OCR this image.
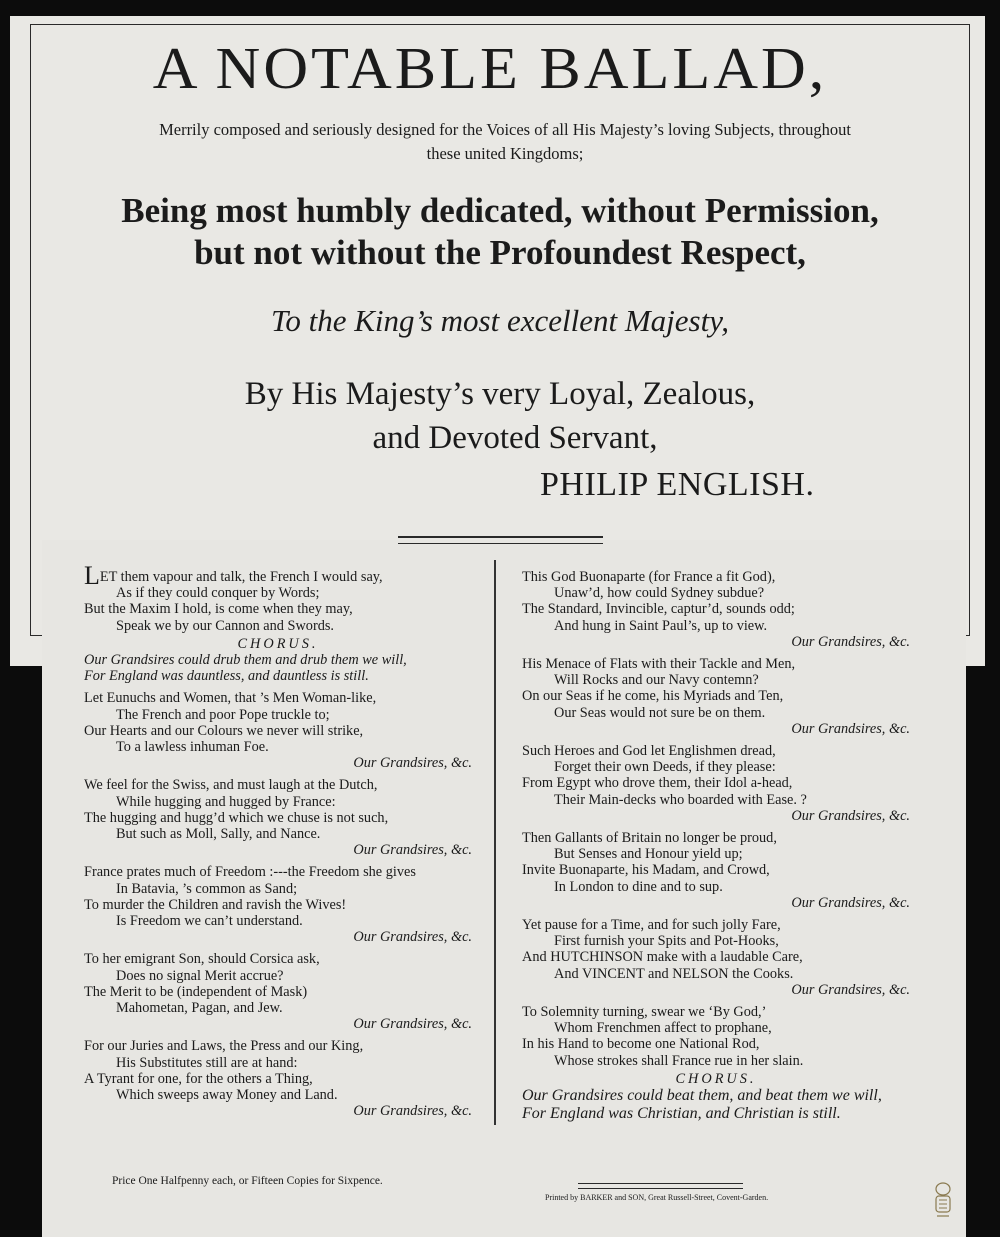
A NOTABLE BALLAD,
Merrily composed and seriously designed for the Voices of all His Majesty’s loving Subjects, throughout
these united Kingdoms;
Being most humbly dedicated, without Permission,
but not without the Profoundest Respect,
To the King’s most excellent Majesty,
By His Majesty’s very Loyal, Zealous,
and Devoted Servant,
PHILIP ENGLISH.
LET them vapour and talk, the French I would say,
As if they could conquer by Words;
But the Maxim I hold, is come when they may,
Speak we by our Cannon and Swords.
CHORUS.
Our Grandsires could drub them and drub them we will,
For England was dauntless, and dauntless is still.
Let Eunuchs and Women, that ’s Men Woman-like,
The French and poor Pope truckle to;
Our Hearts and our Colours we never will strike,
To a lawless inhuman Foe.
Our Grandsires, &c.
We feel for the Swiss, and must laugh at the Dutch,
While hugging and hugged by France:
The hugging and hugg’d which we chuse is not such,
But such as Moll, Sally, and Nance.
Our Grandsires, &c.
France prates much of Freedom :---the Freedom she gives
In Batavia, ’s common as Sand;
To murder the Children and ravish the Wives!
Is Freedom we can’t understand.
Our Grandsires, &c.
To her emigrant Son, should Corsica ask,
Does no signal Merit accrue?
The Merit to be (independent of Mask)
Mahometan, Pagan, and Jew.
Our Grandsires, &c.
For our Juries and Laws, the Press and our King,
His Substitutes still are at hand:
A Tyrant for one, for the others a Thing,
Which sweeps away Money and Land.
Our Grandsires, &c.
This God Buonaparte (for France a fit God),
Unaw’d, how could Sydney subdue?
The Standard, Invincible, captur’d, sounds odd;
And hung in Saint Paul’s, up to view.
Our Grandsires, &c.
His Menace of Flats with their Tackle and Men,
Will Rocks and our Navy contemn?
On our Seas if he come, his Myriads and Ten,
Our Seas would not sure be on them.
Our Grandsires, &c.
Such Heroes and God let Englishmen dread,
Forget their own Deeds, if they please:
From Egypt who drove them, their Idol a-head,
Their Main-decks who boarded with Ease. ?
Our Grandsires, &c.
Then Gallants of Britain no longer be proud,
But Senses and Honour yield up;
Invite Buonaparte, his Madam, and Crowd,
In London to dine and to sup.
Our Grandsires, &c.
Yet pause for a Time, and for such jolly Fare,
First furnish your Spits and Pot-Hooks,
And HUTCHINSON make with a laudable Care,
And VINCENT and NELSON the Cooks.
Our Grandsires, &c.
To Solemnity turning, swear we ‘By God,’
Whom Frenchmen affect to prophane,
In his Hand to become one National Rod,
Whose strokes shall France rue in her slain.
CHORUS.
Our Grandsires could beat them, and beat them we will,
For England was Christian, and Christian is still.
Price One Halfpenny each, or Fifteen Copies for Sixpence.
Printed by BARKER and SON, Great Russell-Street, Covent-Garden.
